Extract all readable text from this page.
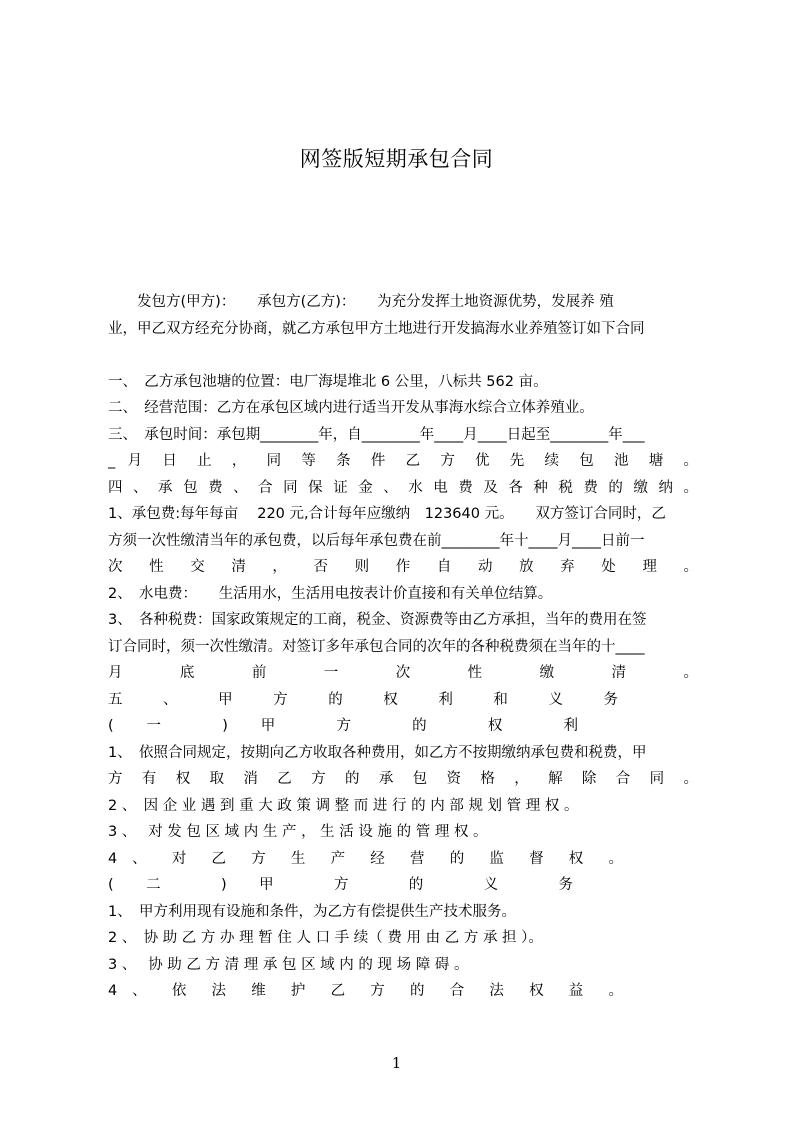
网签版短期承包合同
　　发包方(甲方)：　　承包方(乙方)：　　为充分发挥土地资源优势，发展养 殖
业，甲乙双方经充分协商，就乙方承包甲方土地进行开发搞海水业养殖签订如下合同
一、　乙方承包池塘的位置：电厂海堤堆北 6 公里，八标共 562 亩。
二、　经营范围：乙方在承包区域内进行适当开发从事海水综合立体养殖业。
三、　承包时间：承包期________年，自________年____月____日起至________年___
_ 月 日 止 ， 同 等 条 件 乙 方 优 先 续 包 池 塘 。
四 、 承 包 费 、 合 同 保 证 金 、 水 电 费 及 各 种 税 费 的 缴 纳 。
1、承包费:每年每亩　 220 元,合计每年应缴纳　123640 元。　　双方签订合同时，乙
方须一次性缴清当年的承包费，以后每年承包费在前________年十____月____日前一
次 性 交 清 ， 否 则 作 自 动 放 弃 处 理 。
2、　水电费：　　生活用水，生活用电按表计价直接和有关单位结算。
3、　各种税费：国家政策规定的工商，税金、资源费等由乙方承担，当年的费用在签
订合同时，须一次性缴清。对签订多年承包合同的次年的各种税费须在当年的十____
月 底 前 一 次 性 缴 清 。
五 、 甲 方 的 权 利 和 义 务
( 一 ) 甲 方 的 权 利
1、　依照合同规定，按期向乙方收取各种费用，如乙方不按期缴纳承包费和税费，甲
方 有 权 取 消 乙 方 的 承 包 资 格 ， 解 除 合 同 。
2 、　因 企 业 遇 到 重 大 政 策 调 整 而 进 行 的 内 部 规 划 管 理 权 。
3 、　 对 发 包 区 域 内 生 产 ， 生 活 设 施 的 管 理 权 。
4 、 对 乙 方 生 产 经 营 的 监 督 权 。
( 二 ) 甲 方 的 义 务
1、　甲方利用现有设施和条件，为乙方有偿提供生产技术服务。
2 、　协 助 乙 方 办 理 暂 住 人 口 手 续（ 费 用 由 乙 方 承 担 ）。
3 、　 协 助 乙 方 清 理 承 包 区 域 内 的 现 场 障 碍 。
4 、 依 法 维 护 乙 方 的 合 法 权 益 。
1
